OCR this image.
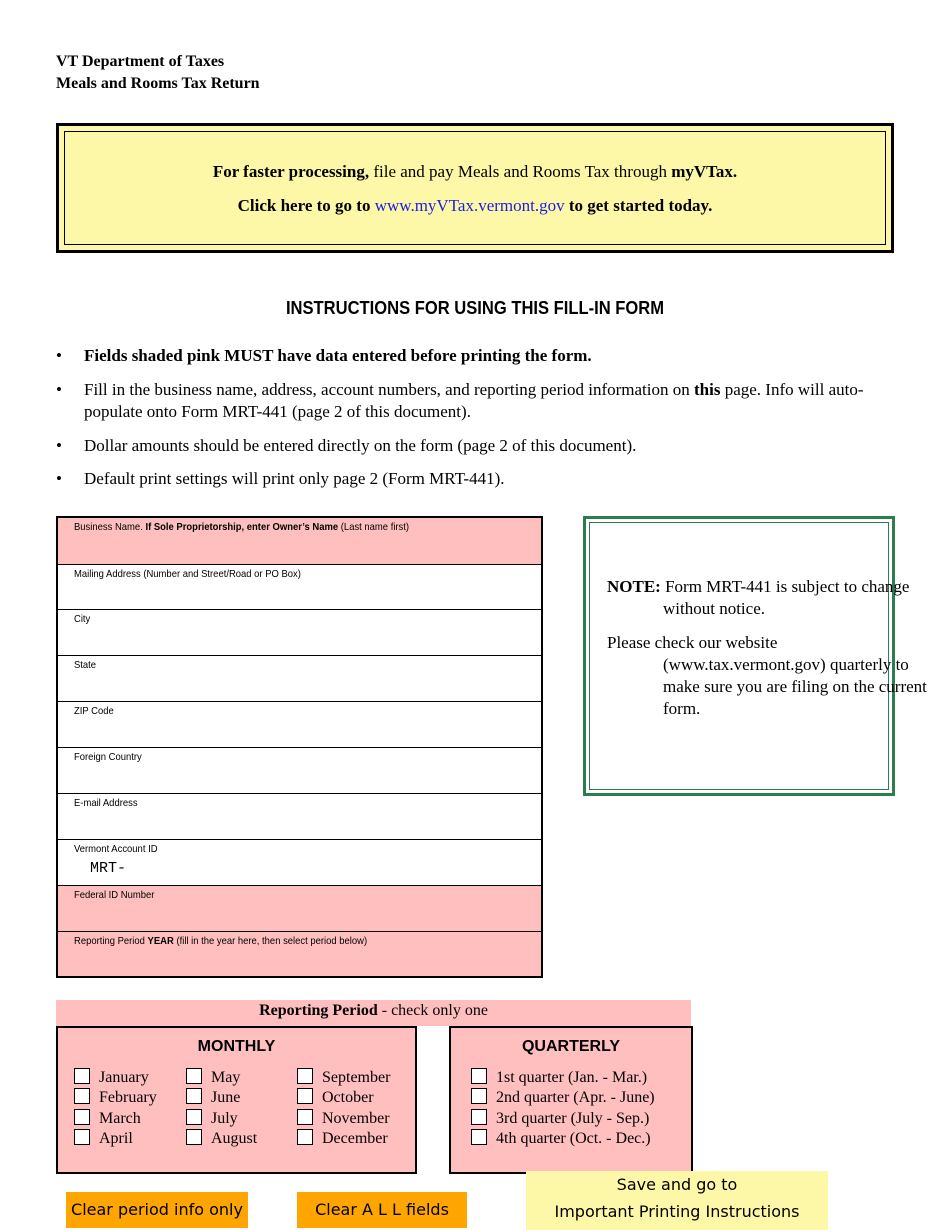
VT Department of Taxes
Meals and Rooms Tax Return
For faster processing, file and pay Meals and Rooms Tax through myVTax.
Click here to go to www.myVTax.vermont.gov to get started today.
INSTRUCTIONS FOR USING THIS FILL-IN FORM
• Fields shaded pink MUST have data entered before printing the form.
• Fill in the business name, address, account numbers, and reporting period information on this page. Info will auto-populate onto Form MRT-441 (page 2 of this document).
• Dollar amounts should be entered directly on the form (page 2 of this document).
• Default print settings will print only page 2 (Form MRT-441).
Business Name. If Sole Proprietorship, enter Owner’s Name (Last name first)
Mailing Address (Number and Street/Road or PO Box)
City
State
ZIP Code
Foreign Country
E-mail Address
Vermont Account ID
MRT-
Federal ID Number
Reporting Period YEAR (fill in the year here, then select period below)
NOTE: Form MRT-441 is subject to change without notice.
Please check our website (www.tax.vermont.gov) quarterly to make sure you are filing on the current form.
Reporting Period - check only one
MONTHLY
January
February
March
April
May
June
July
August
September
October
November
December
QUARTERLY
1st quarter (Jan. - Mar.)
2nd quarter (Apr. - June)
3rd quarter (July - Sep.)
4th quarter (Oct. - Dec.)
Clear period info only	Clear A L L fields
Save and go to
Important Printing Instructions
